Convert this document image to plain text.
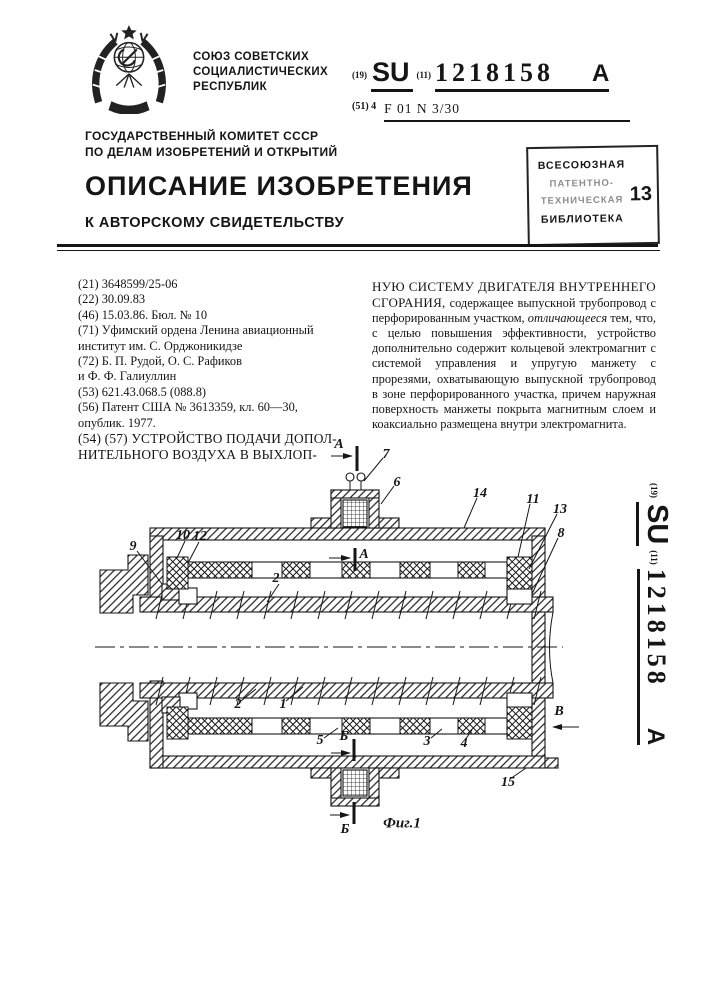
СОЮЗ СОВЕТСКИХ
СОЦИАЛИСТИЧЕСКИХ
РЕСПУБЛИК
(19) SU (11) 1218158 А
(51) 4 F 01 N 3/30
ГОСУДАРСТВЕННЫЙ КОМИТЕТ СССР
ПО ДЕЛАМ ИЗОБРЕТЕНИЙ И ОТКРЫТИЙ
ВСЕСОЮЗНАЯ
ПАТЕНТНО-
ТЕХНИЧЕСКАЯ
БИБЛИОТЕКА
13
ОПИСАНИЕ ИЗОБРЕТЕНИЯ
К АВТОРСКОМУ СВИДЕТЕЛЬСТВУ
(21) 3648599/25-06
(22) 30.09.83
(46) 15.03.86. Бюл. № 10
(71) Уфимский ордена Ленина авиационный
институт им. С. Орджоникидзе
(72) Б. П. Рудой, О. С. Рафиков
и Ф. Ф. Галиуллин
(53) 621.43.068.5 (088.8)
(56) Патент США № 3613359, кл. 60—30,
опублик. 1977.
(54) (57) УСТРОЙСТВО ПОДАЧИ ДОПОЛ-
НИТЕЛЬНОГО ВОЗДУХА В ВЫХЛОП-
НУЮ СИСТЕМУ ДВИГАТЕЛЯ ВНУТРЕННЕГО СГОРАНИЯ, содержащее выпускной трубопровод с перфорированным участком, отличающееся тем, что, с целью повышения эффективности, устройство дополнительно содержит кольцевой электромагнит с системой управления и упругую манжету с прорезями, охватывающую выпускной трубопровод в зоне перфорированного участка, причем наружная поверхность манжеты покрыта магнитным слоем и коаксиально размещена внутри электромагнита.
А
7
6
14	11
13
8
9
10 12
А
2
2	1
5 Б	3 4
В
15
Б Фиг.1
(19)
SU
(11)
1218158А
